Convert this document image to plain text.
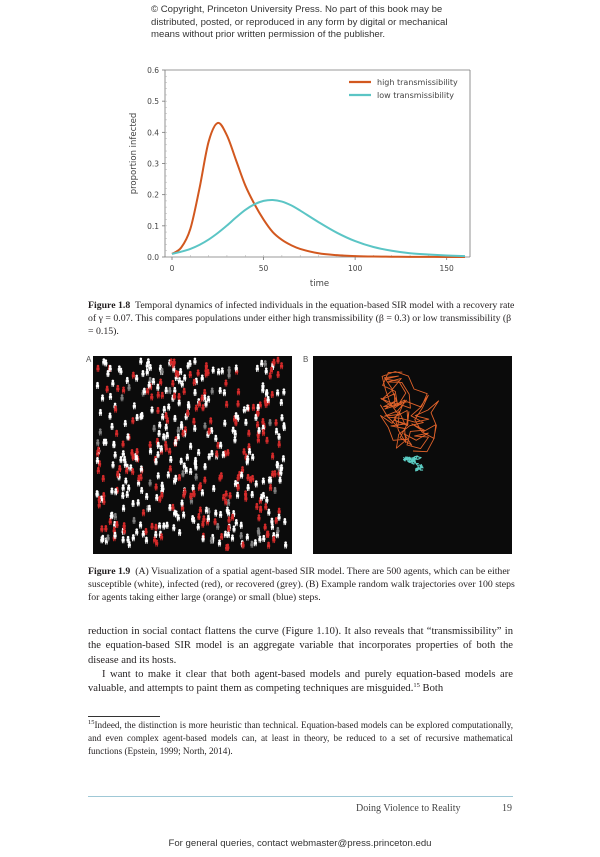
© Copyright, Princeton University Press. No part of this book may be
distributed, posted, or reproduced in any form by digital or mechanical
means without prior written permission of the publisher.
0.0
0.1
0.2
0.3
0.4
0.5
0.6
0	50	100	150
time
proportion infected
high transmissibility
low transmissibility
Figure 1.8 Temporal dynamics of infected individuals in the equation-based SIR model with a recovery rate of γ = 0.07. This compares populations under either high transmissibility (β = 0.3) or low transmissibility (β = 0.15).
A	B
Figure 1.9 (A) Visualization of a spatial agent-based SIR model. There are 500 agents, which can be either susceptible (white), infected (red), or recovered (grey). (B) Example random walk trajectories over 100 steps for agents taking either large (orange) or small (blue) steps.

reduction in social contact flattens the curve (Figure 1.10). It also reveals that “transmissibility” in the equation-based SIR model is an aggregate variable that incorporates properties of both the disease and its hosts.

I want to make it clear that both agent-based models and purely equation-based models are valuable, and attempts to paint them as competing techniques are misguided.$^{15}$ Both

$^{15}$Indeed, the distinction is more heuristic than technical. Equation-based models can be explored computationally, and even complex agent-based models can, at least in theory, be reduced to a set of recursive mathematical functions (Epstein, 1999; North, 2014).
Doing Violence to Reality	19
For general queries, contact webmaster@press.princeton.edu
